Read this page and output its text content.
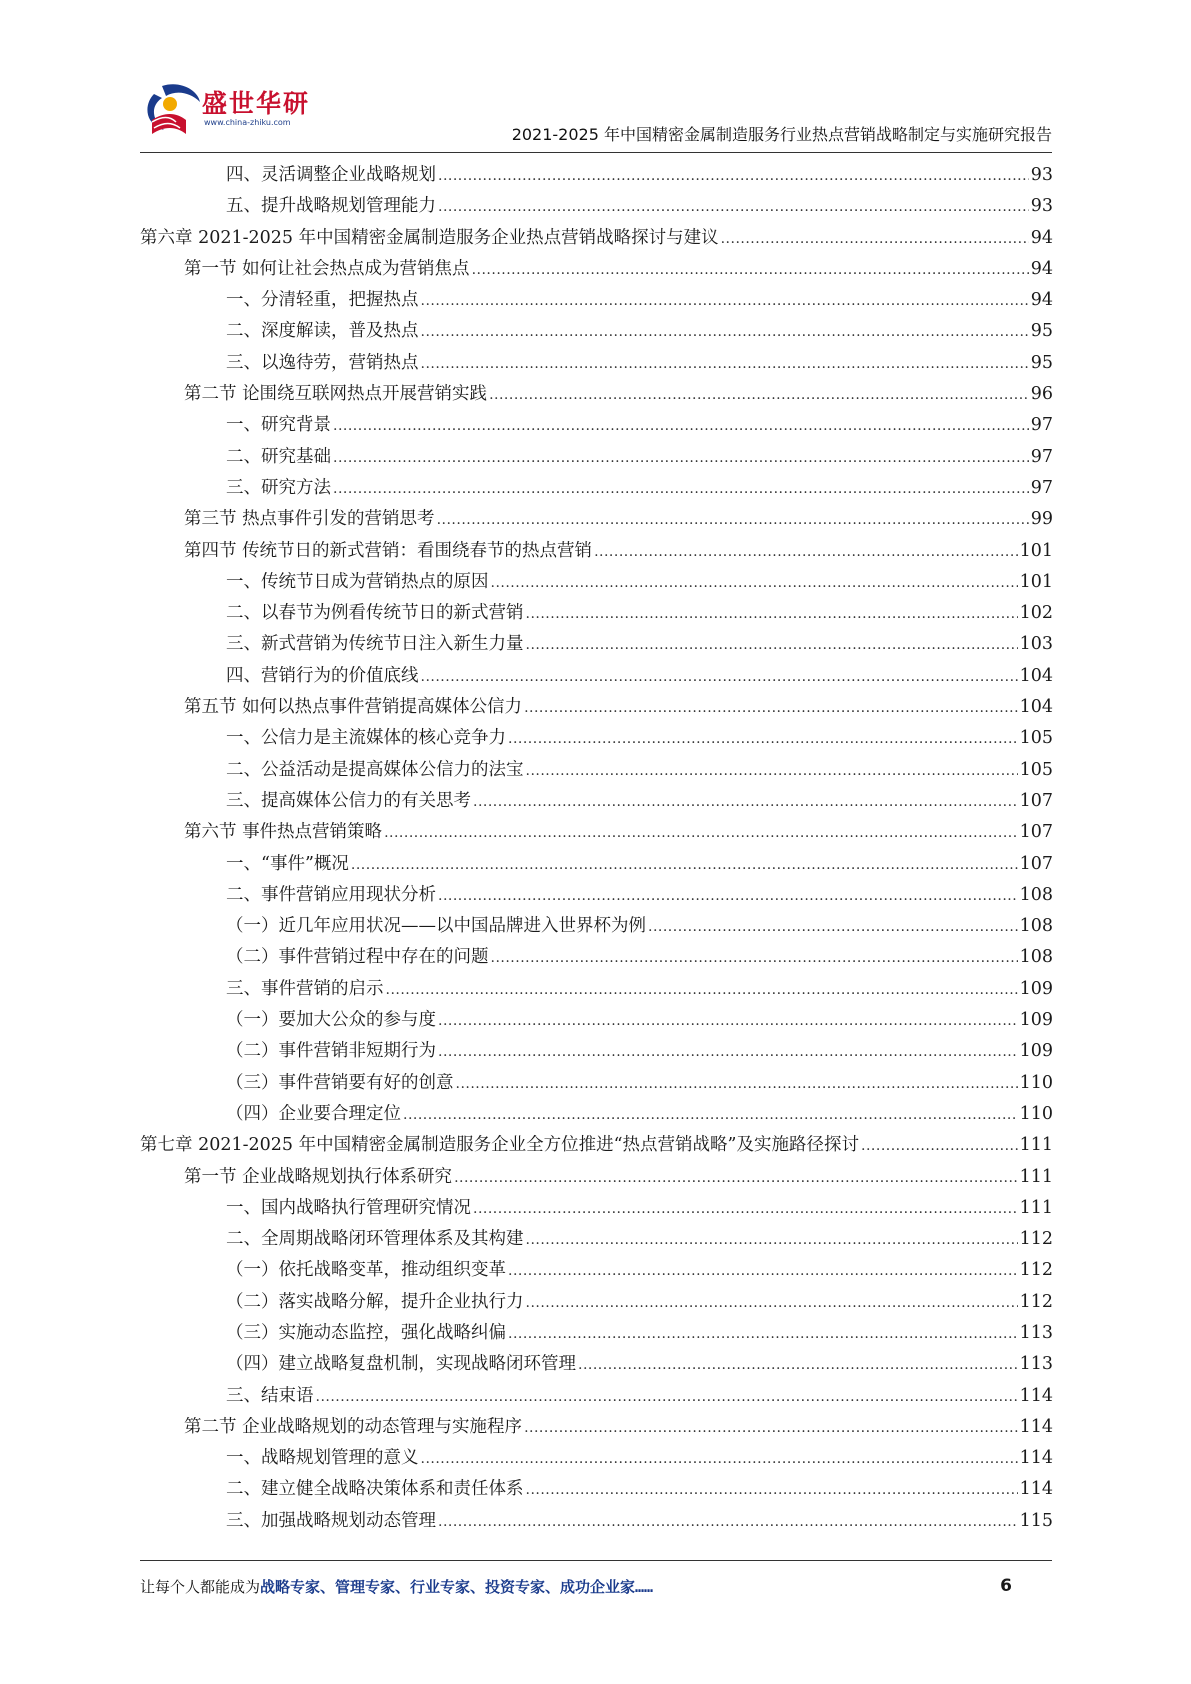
盛世华研
www.china-zhiku.com
2021-2025 年中国精密金属制造服务行业热点营销战略制定与实施研究报告
四、灵活调整企业战略规划 .....	93
五、提升战略规划管理能力 .....	93
第六章 2021-2025 年中国精密金属制造服务企业热点营销战略探讨与建议 .....	94
第一节 如何让社会热点成为营销焦点 .....	94
一、分清轻重，把握热点 .....	94
二、深度解读，普及热点 .....	95
三、以逸待劳，营销热点 .....	95
第二节 论围绕互联网热点开展营销实践 .....	96
一、研究背景 .....	97
二、研究基础 .....	97
三、研究方法 .....	97
第三节 热点事件引发的营销思考 .....	99
第四节 传统节日的新式营销：看围绕春节的热点营销 .....	101
一、传统节日成为营销热点的原因 .....	101
二、以春节为例看传统节日的新式营销 .....	102
三、新式营销为传统节日注入新生力量 .....	103
四、营销行为的价值底线 .....	104
第五节 如何以热点事件营销提高媒体公信力 .....	104
一、公信力是主流媒体的核心竞争力 .....	105
二、公益活动是提高媒体公信力的法宝 .....	105
三、提高媒体公信力的有关思考 .....	107
第六节 事件热点营销策略 .....	107
一、“事件”概况 .....	107
二、事件营销应用现状分析 .....	108
（一）近几年应用状况——以中国品牌进入世界杯为例 .....	108
（二）事件营销过程中存在的问题 .....	108
三、事件营销的启示 .....	109
（一）要加大公众的参与度 .....	109
（二）事件营销非短期行为 .....	109
（三）事件营销要有好的创意 .....	110
（四）企业要合理定位 .....	110
第七章 2021-2025 年中国精密金属制造服务企业全方位推进“热点营销战略”及实施路径探讨 .....	111
第一节 企业战略规划执行体系研究 .....	111
一、国内战略执行管理研究情况 .....	111
二、全周期战略闭环管理体系及其构建 .....	112
（一）依托战略变革，推动组织变革 .....	112
（二）落实战略分解，提升企业执行力 .....	112
（三）实施动态监控，强化战略纠偏 .....	113
（四）建立战略复盘机制，实现战略闭环管理 .....	113
三、结束语 .....	114
第二节 企业战略规划的动态管理与实施程序 .....	114
一、战略规划管理的意义 .....	114
二、建立健全战略决策体系和责任体系 .....	114
三、加强战略规划动态管理 .....	115
让每个人都能成为战略专家、管理专家、行业专家、投资专家、成功企业家……	6
